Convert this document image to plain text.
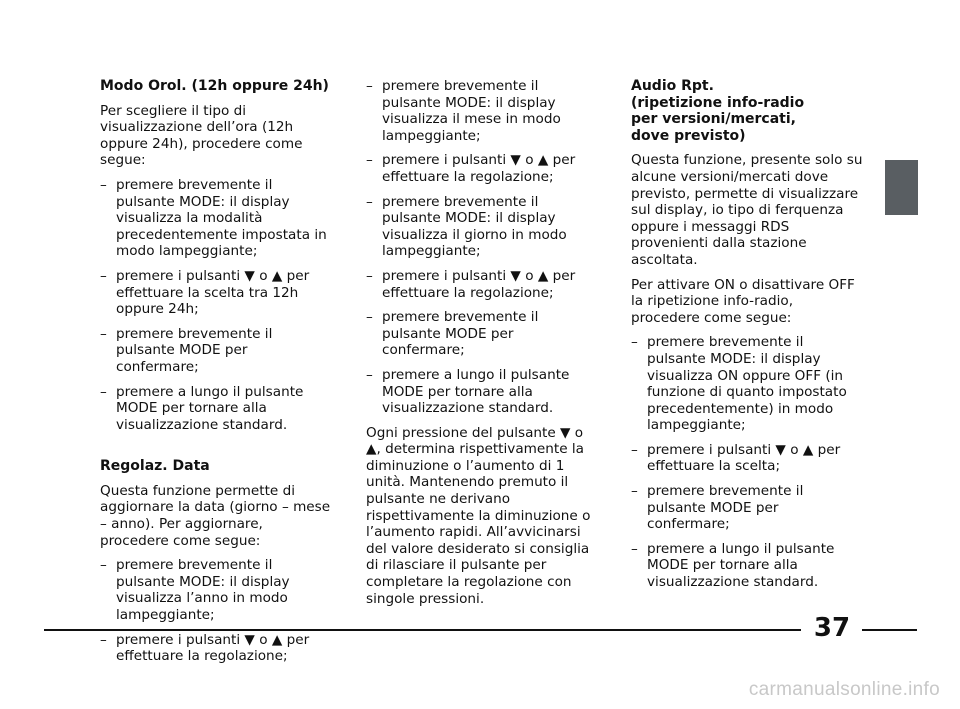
Modo Orol. (12h oppure 24h)
Per scegliere il tipo di visualizzazione dell’ora (12h oppure 24h), procedere come segue:
– premere brevemente il pulsante MODE: il display visualizza la modalità precedentemente impostata in modo lampeggiante;
– premere i pulsanti ▼ o ▲ per effettuare la scelta tra 12h oppure 24h;
– premere brevemente il pulsante MODE per confermare;
– premere a lungo il pulsante MODE per tornare alla visualizzazione standard.
Regolaz. Data
Questa funzione permette di aggiornare la data (giorno – mese – anno). Per aggiornare, procedere come segue:
– premere brevemente il pulsante MODE: il display visualizza l’anno in modo lampeggiante;
– premere i pulsanti ▼ o ▲ per effettuare la regolazione;
– premere brevemente il pulsante MODE: il display visualizza il mese in modo lampeggiante;
– premere i pulsanti ▼ o ▲ per effettuare la regolazione;
– premere brevemente il pulsante MODE: il display visualizza il giorno in modo lampeggiante;
– premere i pulsanti ▼ o ▲ per effettuare la regolazione;
– premere brevemente il pulsante MODE per confermare;
– premere a lungo il pulsante MODE per tornare alla visualizzazione standard.
Ogni pressione del pulsante ▼ o ▲, determina rispettivamente la diminuzione o l’aumento di 1 unità. Mantenendo premuto il pulsante ne derivano rispettivamente la diminuzione o l’aumento rapidi. All’avvicinarsi del valore desiderato si consiglia di rilasciare il pulsante per completare la regolazione con singole pressioni.
Audio Rpt.
(ripetizione info-radio
per versioni/mercati,
dove previsto)
Questa funzione, presente solo su alcune versioni/mercati dove previsto, permette di visualizzare sul display, io tipo di ferquenza oppure i messaggi RDS provenienti dalla stazione ascoltata.
Per attivare ON o disattivare OFF la ripetizione info-radio, procedere come segue:
– premere brevemente il pulsante MODE: il display visualizza ON oppure OFF (in funzione di quanto impostato precedentemente) in modo lampeggiante;
– premere i pulsanti ▼ o ▲ per effettuare la scelta;
– premere brevemente il pulsante MODE per confermare;
– premere a lungo il pulsante MODE per tornare alla visualizzazione standard.
37
carmanualsonline.info
